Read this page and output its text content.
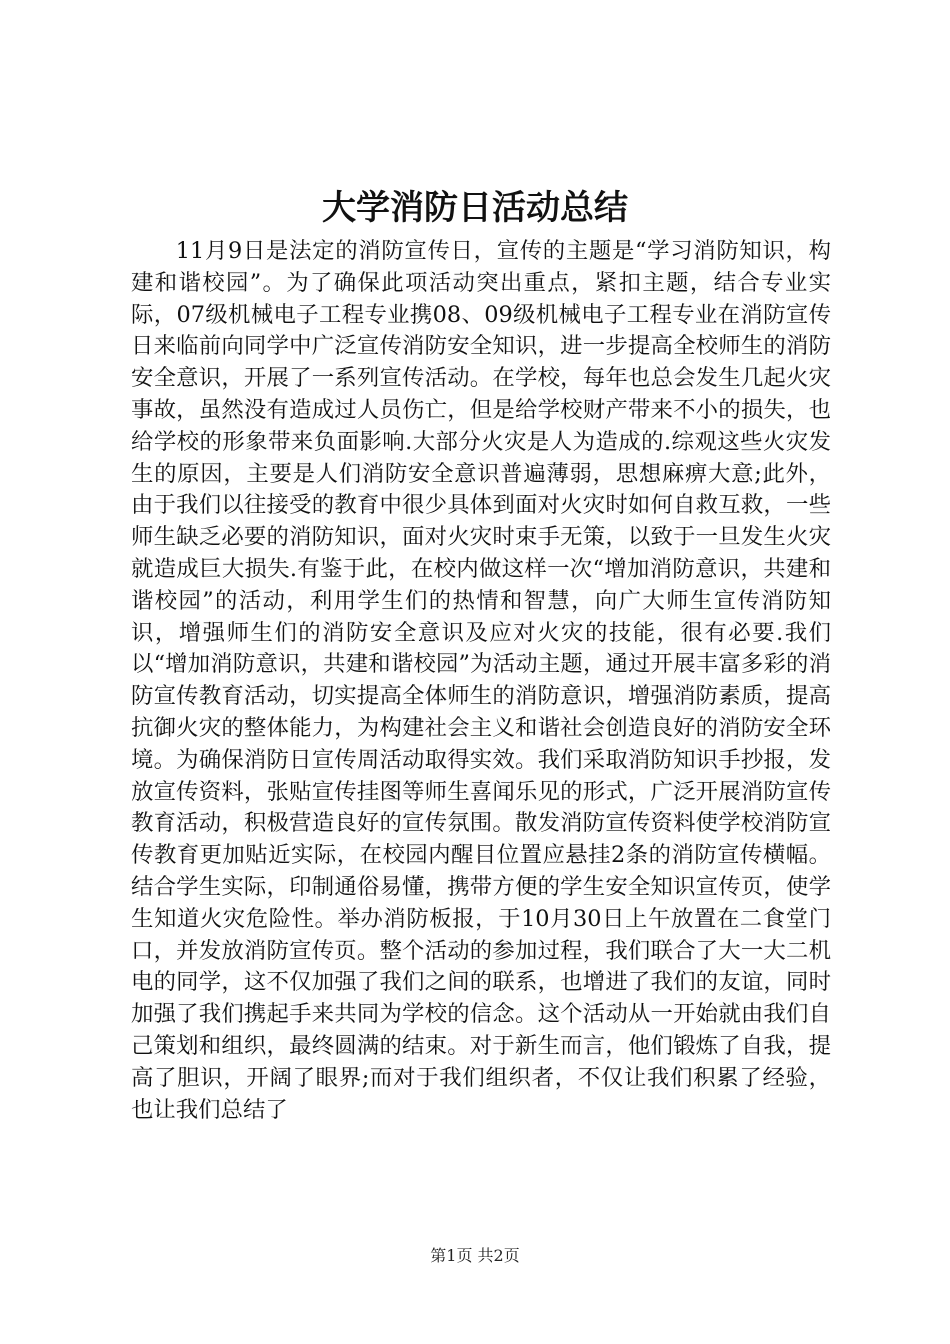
大学消防日活动总结

11月9日是法定的消防宣传日，宣传的主题是“学习消防知识，构建和谐校园”。为了确保此项活动突出重点，紧扣主题，结合专业实际，07级机械电子工程专业携08、09级机械电子工程专业在消防宣传日来临前向同学中广泛宣传消防安全知识，进一步提高全校师生的消防安全意识，开展了一系列宣传活动。在学校，每年也总会发生几起火灾事故，虽然没有造成过人员伤亡，但是给学校财产带来不小的损失，也给学校的形象带来负面影响.大部分火灾是人为造成的.综观这些火灾发生的原因，主要是人们消防安全意识普遍薄弱，思想麻痹大意;此外，由于我们以往接受的教育中很少具体到面对火灾时如何自救互救，一些师生缺乏必要的消防知识，面对火灾时束手无策，以致于一旦发生火灾就造成巨大损失.有鉴于此，在校内做这样一次“增加消防意识，共建和谐校园”的活动，利用学生们的热情和智慧，向广大师生宣传消防知识，增强师生们的消防安全意识及应对火灾的技能，很有必要.我们以“增加消防意识，共建和谐校园”为活动主题，通过开展丰富多彩的消防宣传教育活动，切实提高全体师生的消防意识，增强消防素质，提高抗御火灾的整体能力，为构建社会主义和谐社会创造良好的消防安全环境。为确保消防日宣传周活动取得实效。我们采取消防知识手抄报，发放宣传资料，张贴宣传挂图等师生喜闻乐见的形式，广泛开展消防宣传教育活动，积极营造良好的宣传氛围。散发消防宣传资料使学校消防宣传教育更加贴近实际，在校园内醒目位置应悬挂2条的消防宣传横幅。结合学生实际，印制通俗易懂，携带方便的学生安全知识宣传页，使学生知道火灾危险性。举办消防板报，于10月30日上午放置在二食堂门口，并发放消防宣传页。整个活动的参加过程，我们联合了大一大二机电的同学，这不仅加强了我们之间的联系，也增进了我们的友谊，同时加强了我们携起手来共同为学校的信念。这个活动从一开始就由我们自己策划和组织，最终圆满的结束。对于新生而言，他们锻炼了自我，提高了胆识，开阔了眼界;而对于我们组织者，不仅让我们积累了经验，也让我们总结了

第1页 共2页
